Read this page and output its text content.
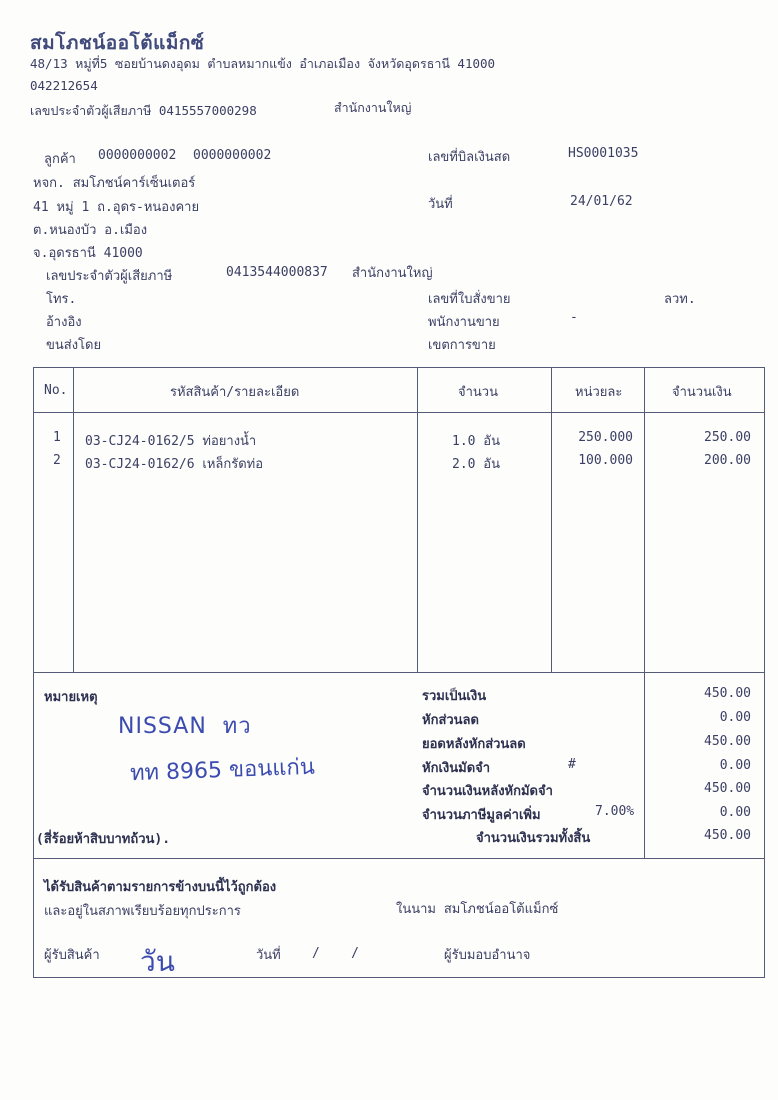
สมโภชน์ออโต้แม็กซ์
48/13 หมู่ที่5 ซอยบ้านดงอุดม ตำบลหมากแข้ง อำเภอเมือง จังหวัดอุดรธานี 41000
042212654
เลขประจำตัวผู้เสียภาษี 0415557000298	สำนักงานใหญ่
ลูกค้า 0000000002 0000000002
หจก. สมโภชน์คาร์เซ็นเตอร์
41 หมู่ 1 ถ.อุดร-หนองคาย
ต.หนองบัว อ.เมือง
จ.อุดรธานี 41000
เลขประจำตัวผู้เสียภาษี	0413544000837 สำนักงานใหญ่
โทร.
อ้างอิง
ขนส่งโดย
เลขที่บิลเงินสด	HS0001035
วันที่	24/01/62
เลขที่ใบสั่งขาย	ลวท.
พนักงานขาย	-
เขตการขาย
No.	รหัสสินค้า/รายละเอียด	จำนวน	หน่วยละ	จำนวนเงิน
1 03-CJ24-0162/5 ท่อยางน้ำ	1.0 อัน	250.000	250.00
2 03-CJ24-0162/6 เหล็กรัดท่อ	2.0 อัน	100.000	200.00
หมายเหตุ
NISSAN  ทว
ทท 8965 ขอนแก่น
(สี่ร้อยห้าสิบบาทถ้วน).
รวมเป็นเงิน	450.00
หักส่วนลด	0.00
ยอดหลังหักส่วนลด	450.00
หักเงินมัดจำ	#	0.00
จำนวนเงินหลังหักมัดจำ	450.00
จำนวนภาษีมูลค่าเพิ่ม	7.00%	0.00
จำนวนเงินรวมทั้งสิ้น	450.00
ได้รับสินค้าตามรายการข้างบนนี้ไว้ถูกต้อง
และอยู่ในสภาพเรียบร้อยทุกประการ	ในนาม สมโภชน์ออโต้แม็กซ์
ผู้รับสินค้า วัน	วันที่ /    /	ผู้รับมอบอำนาจ
